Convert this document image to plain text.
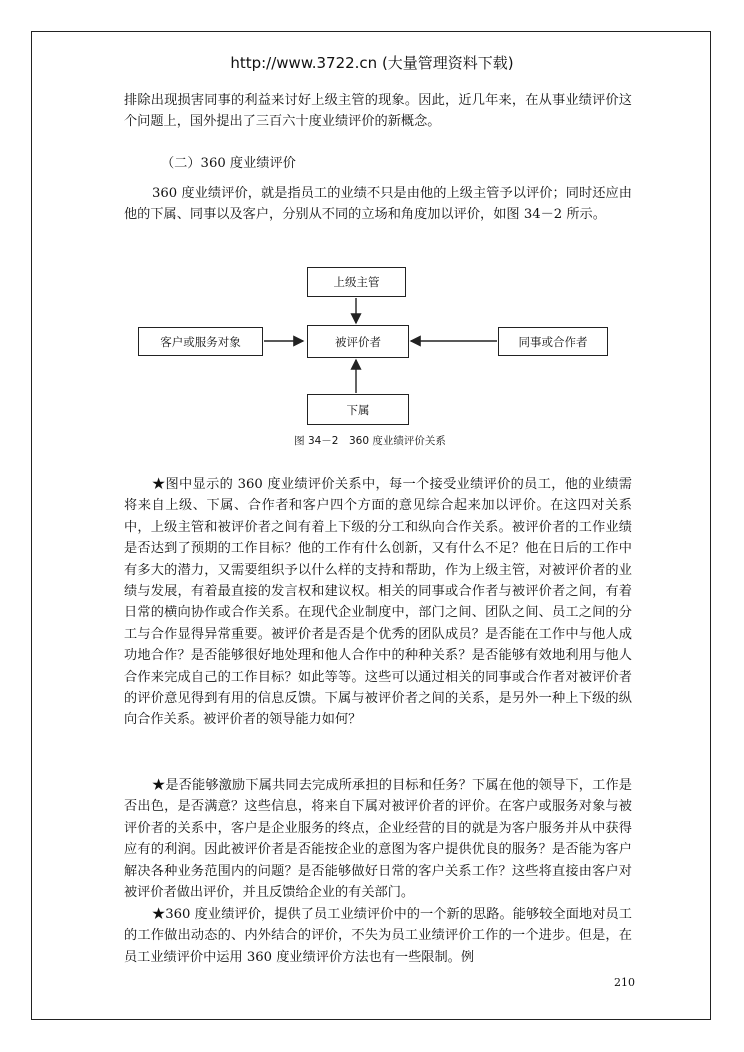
http://www.3722.cn (大量管理资料下载)

排除出现损害同事的利益来讨好上级主管的现象。因此，近几年来，在从事业绩评价这个问题上，国外提出了三百六十度业绩评价的新概念。

（二）360 度业绩评价

360 度业绩评价，就是指员工的业绩不只是由他的上级主管予以评价；同时还应由他的下属、同事以及客户，分别从不同的立场和角度加以评价，如图 34－2 所示。

上级主管
被评价者
客户或服务对象	同事或合作者
下属
图 34－2　360 度业绩评价关系

★图中显示的 360 度业绩评价关系中，每一个接受业绩评价的员工，他的业绩需将来自上级、下属、合作者和客户四个方面的意见综合起来加以评价。在这四对关系中，上级主管和被评价者之间有着上下级的分工和纵向合作关系。被评价者的工作业绩是否达到了预期的工作目标？他的工作有什么创新，又有什么不足？他在日后的工作中有多大的潜力，又需要组织予以什么样的支持和帮助，作为上级主管，对被评价者的业绩与发展，有着最直接的发言权和建议权。相关的同事或合作者与被评价者之间，有着日常的横向协作或合作关系。在现代企业制度中，部门之间、团队之间、员工之间的分工与合作显得异常重要。被评价者是否是个优秀的团队成员？是否能在工作中与他人成功地合作？是否能够很好地处理和他人合作中的种种关系？是否能够有效地利用与他人合作来完成自己的工作目标？如此等等。这些可以通过相关的同事或合作者对被评价者的评价意见得到有用的信息反馈。下属与被评价者之间的关系，是另外一种上下级的纵向合作关系。被评价者的领导能力如何？

★是否能够激励下属共同去完成所承担的目标和任务？下属在他的领导下，工作是否出色，是否满意？这些信息，将来自下属对被评价者的评价。在客户或服务对象与被评价者的关系中，客户是企业服务的终点，企业经营的目的就是为客户服务并从中获得应有的利润。因此被评价者是否能按企业的意图为客户提供优良的服务？是否能为客户解决各种业务范围内的问题？是否能够做好日常的客户关系工作？这些将直接由客户对被评价者做出评价，并且反馈给企业的有关部门。

★360 度业绩评价，提供了员工业绩评价中的一个新的思路。能够较全面地对员工的工作做出动态的、内外结合的评价，不失为员工业绩评价工作的一个进步。但是，在员工业绩评价中运用 360 度业绩评价方法也有一些限制。例

210
